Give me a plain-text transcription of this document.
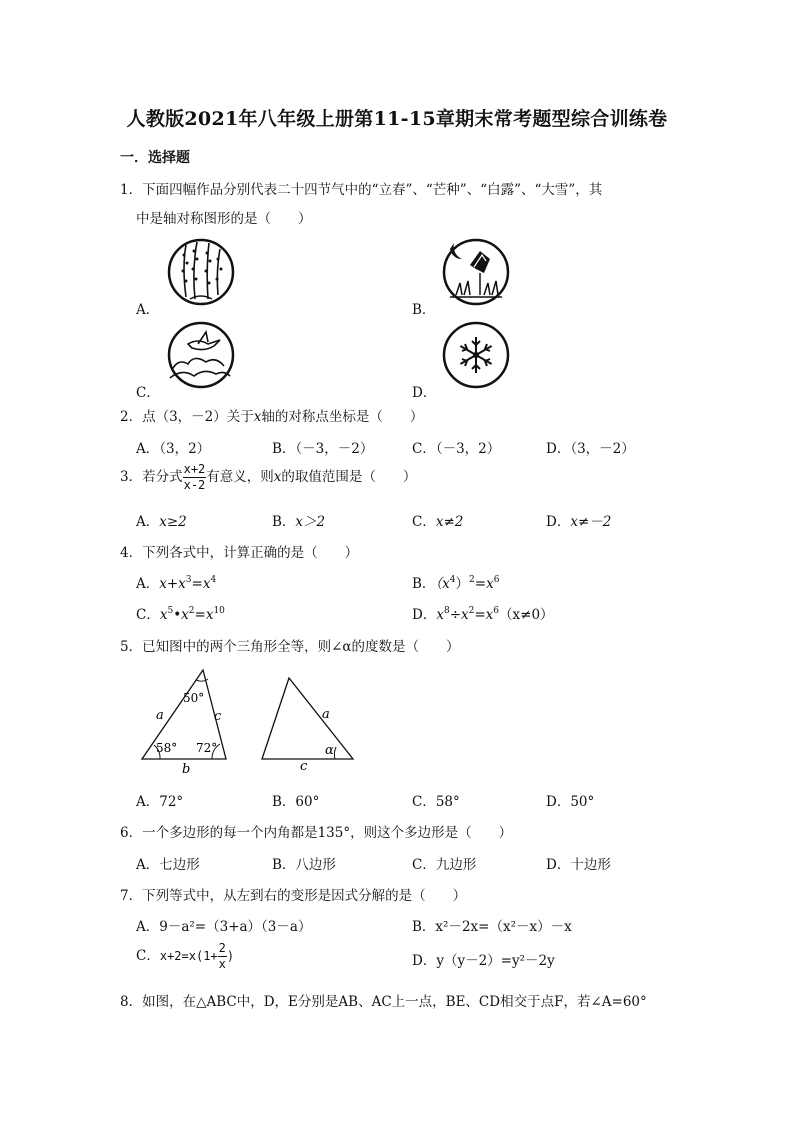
人教版2021年八年级上册第11-15章期末常考题型综合训练卷
一．选择题
1．下面四幅作品分别代表二十四节气中的“立春”、“芒种”、“白露”、“大雪”，其
中是轴对称图形的是（　　）
A．	B．
C．	D．
2．点（3，－2）关于x轴的对称点坐标是（　　）
A．（3，2）	B．（－3，－2）	C．（－3，2）	D．（3，－2）
3．若分式 $\frac{x+2}{x-2}$ 有意义，则x的取值范围是（　　）
A．x≥2	B．x＞2	C．x≠2	D．x≠－2
4．下列各式中，计算正确的是（　　）
A．$x+x^3=x^4$	B．$(x^4)^2=x^6$
C．$x^5•x^2=x^{10}$	D．$x^8\div x^2=x^6(x\ne 0)$
5．已知图中的两个三角形全等，则∠α的度数是（　　）
50°
58° 72°
a	c
b
a
c
α
A．72°	B．60°	C．58°	D．50°
6．一个多边形的每一个内角都是135°，则这个多边形是（　　）
A．七边形	B．八边形	C．九边形	D．十边形
7．下列等式中，从左到右的变形是因式分解的是（　　）
A．9－a²=（3+a）（3－a）	B．x²－2x=（x²－x）－x
C．$x+2=x(1+ \frac{2}{x}$ )	D．y（y－2）=y²－2y
8．如图，在△ABC中，D，E分别是AB、AC上一点，BE、CD相交于点F，若∠A=60°
